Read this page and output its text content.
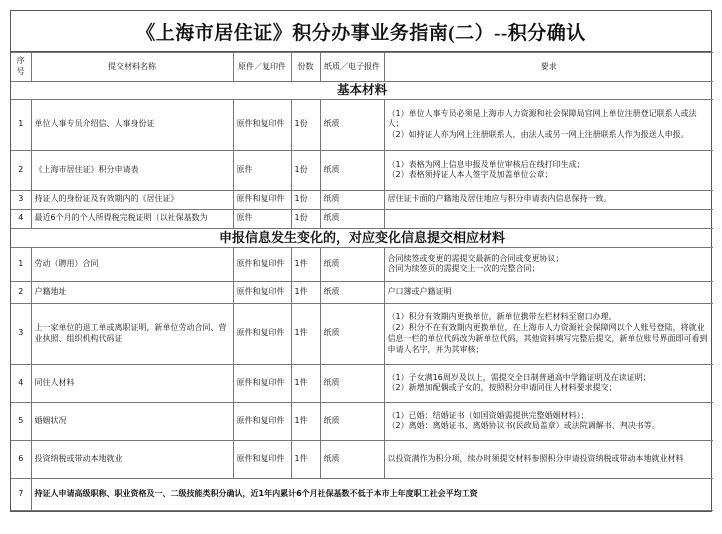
《上海市居住证》积分办事业务指南(二）--积分确认
序号	提交材料名称	原件／复印件	份数	纸质／电子报件	要求
基本材料					
1	单位人事专员介绍信、人事身份证	原件和复印件	1份	纸质	（1）单位人事专员必须是上海市人力资源和社会保障局官网上单位注册登记联系人或法人；
（2）如持证人亦为网上注册联系人，由法人或另一网上注册联系人作为报送人申报。
2	《上海市居住证》积分申请表	原件	1份	纸质	（1）表格为网上信息申报及单位审核后在线打印生成；
（2）表格须持证人本人签字及加盖单位公章；
3	持证人的身份证及有效期内的《居住证》	原件和复印件	1份	纸质	居住证卡面的户籍地及居住地应与积分申请表内信息保持一致。
4	最近6个月的个人所得税完税证明（以社保基数为	原件	1份	纸质	
申报信息发生变化的，对应变化信息提交相应材料					
1	劳动（聘用）合同	原件和复印件	1件	纸质	合同续签或变更的需提交最新的合同或变更协议；
合同为续签页的需提交上一次的完整合同；
2	户籍地址	原件和复印件	1件	纸质	户口簿或户籍证明
3	上一家单位的退工单或离职证明，新单位劳动合同、营业执照、组织机构代码证	原件和复印件	1件	纸质	（1）积分有效期内更换单位，新单位携带左栏材料至窗口办理。
（2）积分不在有效期内更换单位，在上海市人力资源社会保障网以个人账号登陆，将就业信息一栏的单位代码改为新单位代码，其他资料填写完整后提交，新单位账号界面即可看到申请人名字，并为其审核；
4	同住人材料	原件和复印件	1件	纸质	（1）子女满16周岁及以上，需提交全日制普通高中学籍证明及在读证明；
（2）新增加配偶或子女的，按照积分申请同住人材料要求提交；
5	婚姻状况	原件和复印件	1件	纸质	（1）已婚：结婚证书（如国资婚需提供完整婚姻材料）；
（2）离婚：离婚证书、离婚协议书(民政局盖章）或法院调解书、判决书等。
6	投资纳税或带动本地就业	原件和复印件	1件	纸质	以投资满作为积分项，续办时须提交材料参照积分申请投资纳税或带动本地就业材料
7	持证人申请高级职称、职业资格及一、二级技能类积分确认，近1年内累计6个月社保基数不低于本市上年度职工社会平均工资				
